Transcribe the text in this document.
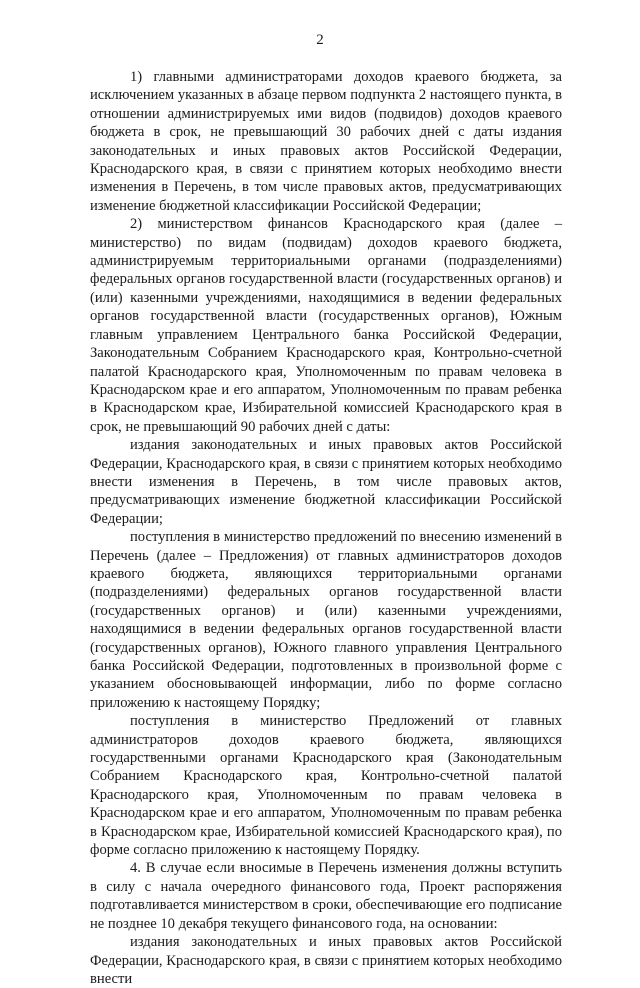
2

1) главными администраторами доходов краевого бюджета, за исключением указанных в абзаце первом подпункта 2 настоящего пункта, в отношении администрируемых ими видов (подвидов) доходов краевого бюджета в срок, не превышающий 30 рабочих дней с даты издания законодательных и иных правовых актов Российской Федерации, Краснодарского края, в связи с принятием которых необходимо внести изменения в Перечень, в том числе правовых актов, предусматривающих изменение бюджетной классификации Российской Федерации;

2) министерством финансов Краснодарского края (далее – министерство) по видам (подвидам) доходов краевого бюджета, администрируемым территориальными органами (подразделениями) федеральных органов государственной власти (государственных органов) и (или) казенными учреждениями, находящимися в ведении федеральных органов государственной власти (государственных органов), Южным главным управлением Центрального банка Российской Федерации, Законодательным Собранием Краснодарского края, Контрольно-счетной палатой Краснодарского края, Уполномоченным по правам человека в Краснодарском крае и его аппаратом, Уполномоченным по правам ребенка в Краснодарском крае, Избирательной комиссией Краснодарского края в срок, не превышающий 90 рабочих дней с даты:

издания законодательных и иных правовых актов Российской Федерации, Краснодарского края, в связи с принятием которых необходимо внести изменения в Перечень, в том числе правовых актов, предусматривающих изменение бюджетной классификации Российской Федерации;

поступления в министерство предложений по внесению изменений в Перечень (далее – Предложения) от главных администраторов доходов краевого бюджета, являющихся территориальными органами (подразделениями) федеральных органов государственной власти (государственных органов) и (или) казенными учреждениями, находящимися в ведении федеральных органов государственной власти (государственных органов), Южного главного управления Центрального банка Российской Федерации, подготовленных в произвольной форме с указанием обосновывающей информации, либо по форме согласно приложению к настоящему Порядку;

поступления в министерство Предложений от главных администраторов доходов краевого бюджета, являющихся государственными органами Краснодарского края (Законодательным Собранием Краснодарского края, Контрольно-счетной палатой Краснодарского края, Уполномоченным по правам человека в Краснодарском крае и его аппаратом, Уполномоченным по правам ребенка в Краснодарском крае, Избирательной комиссией Краснодарского края), по форме согласно приложению к настоящему Порядку.

4. В случае если вносимые в Перечень изменения должны вступить в силу с начала очередного финансового года, Проект распоряжения подготавливается министерством в сроки, обеспечивающие его подписание не позднее 10 декабря текущего финансового года, на основании:

издания законодательных и иных правовых актов Российской Федерации, Краснодарского края, в связи с принятием которых необходимо внести
